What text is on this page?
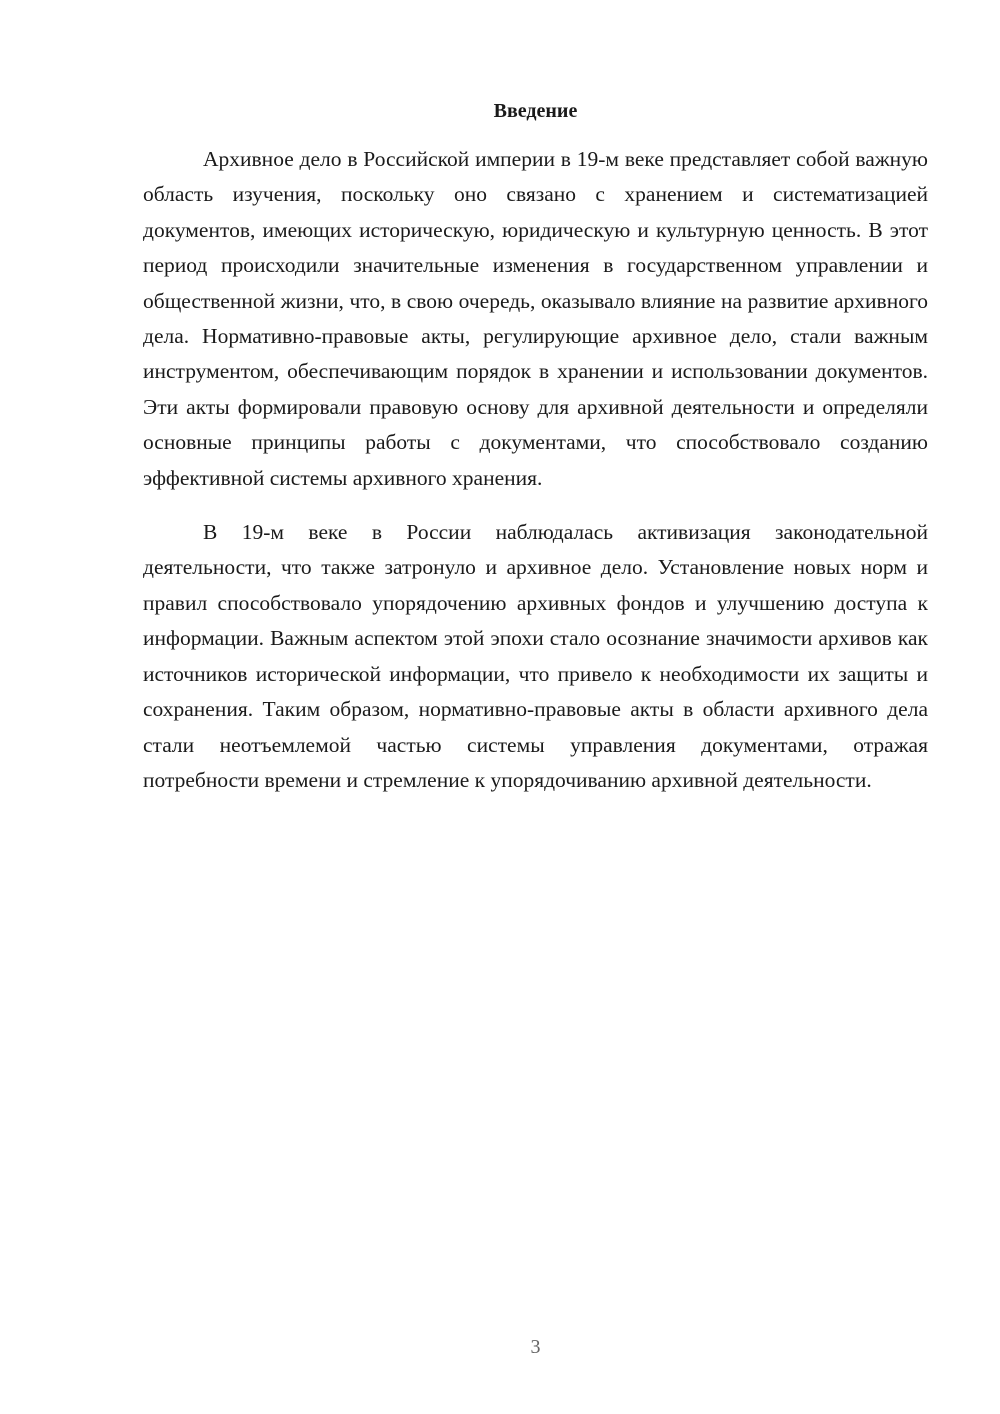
Введение

Архивное дело в Российской империи в 19-м веке представляет собой важную область изучения, поскольку оно связано с хранением и систематизацией документов, имеющих историческую, юридическую и культурную ценность. В этот период происходили значительные изменения в государственном управлении и общественной жизни, что, в свою очередь, оказывало влияние на развитие архивного дела. Нормативно-правовые акты, регулирующие архивное дело, стали важным инструментом, обеспечивающим порядок в хранении и использовании документов. Эти акты формировали правовую основу для архивной деятельности и определяли основные принципы работы с документами, что способствовало созданию эффективной системы архивного хранения.

В 19-м веке в России наблюдалась активизация законодательной деятельности, что также затронуло и архивное дело. Установление новых норм и правил способствовало упорядочению архивных фондов и улучшению доступа к информации. Важным аспектом этой эпохи стало осознание значимости архивов как источников исторической информации, что привело к необходимости их защиты и сохранения. Таким образом, нормативно-правовые акты в области архивного дела стали неотъемлемой частью системы управления документами, отражая потребности времени и стремление к упорядочиванию архивной деятельности.

3
